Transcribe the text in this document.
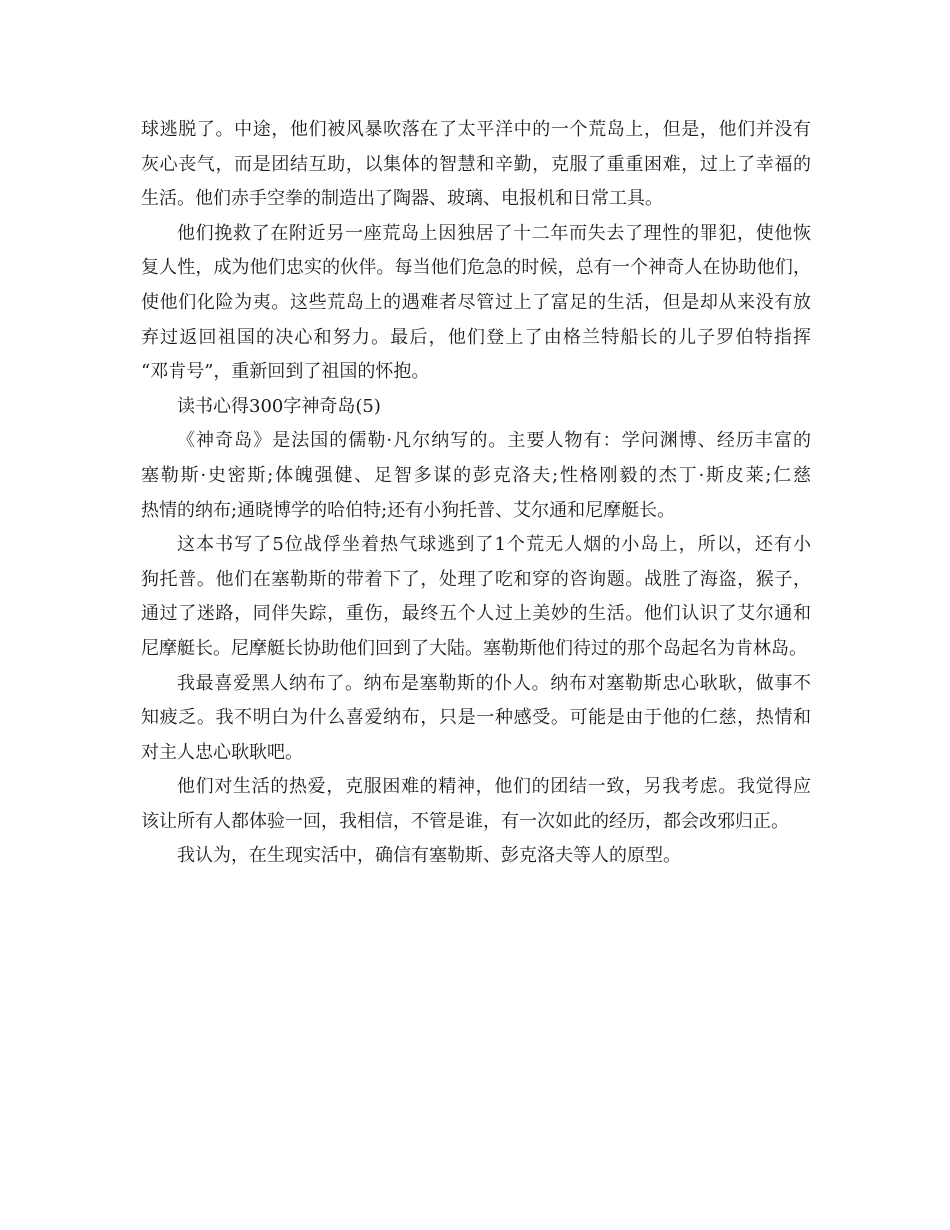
球逃脱了。中途，他们被风暴吹落在了太平洋中的一个荒岛上，但是，他们并没有
灰心丧气，而是团结互助，以集体的智慧和辛勤，克服了重重困难，过上了幸福的
生活。他们赤手空拳的制造出了陶器、玻璃、电报机和日常工具。
他们挽救了在附近另一座荒岛上因独居了十二年而失去了理性的罪犯，使他恢
复人性，成为他们忠实的伙伴。每当他们危急的时候，总有一个神奇人在协助他们，
使他们化险为夷。这些荒岛上的遇难者尽管过上了富足的生活，但是却从来没有放
弃过返回祖国的决心和努力。最后，他们登上了由格兰特船长的儿子罗伯特指挥
“邓肯号”，重新回到了祖国的怀抱。
读书心得300字神奇岛(5)
《神奇岛》是法国的儒勒·凡尔纳写的。主要人物有：学问渊博、经历丰富的
塞勒斯·史密斯;体魄强健、足智多谋的彭克洛夫;性格刚毅的杰丁·斯皮莱;仁慈
热情的纳布;通晓博学的哈伯特;还有小狗托普、艾尔通和尼摩艇长。
这本书写了5位战俘坐着热气球逃到了1个荒无人烟的小岛上，所以，还有小
狗托普。他们在塞勒斯的带着下了，处理了吃和穿的咨询题。战胜了海盗，猴子，
通过了迷路，同伴失踪，重伤，最终五个人过上美妙的生活。他们认识了艾尔通和
尼摩艇长。尼摩艇长协助他们回到了大陆。塞勒斯他们待过的那个岛起名为肯林岛。
我最喜爱黑人纳布了。纳布是塞勒斯的仆人。纳布对塞勒斯忠心耿耿，做事不
知疲乏。我不明白为什么喜爱纳布，只是一种感受。可能是由于他的仁慈，热情和
对主人忠心耿耿吧。
他们对生活的热爱，克服困难的精神，他们的团结一致，另我考虑。我觉得应
该让所有人都体验一回，我相信，不管是谁，有一次如此的经历，都会改邪归正。
我认为，在生现实活中，确信有塞勒斯、彭克洛夫等人的原型。
